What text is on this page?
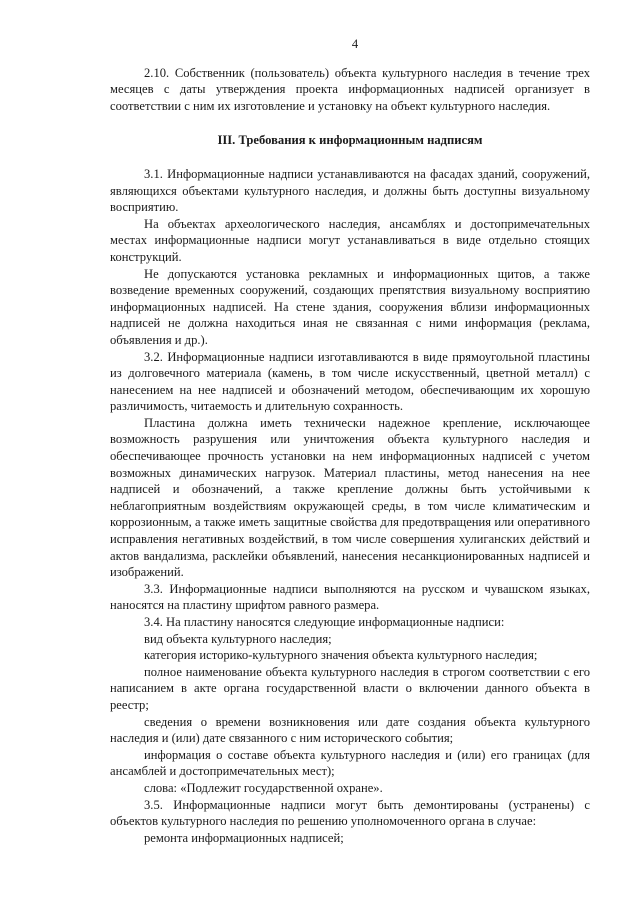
4

2.10. Собственник (пользователь) объекта культурного наследия в течение трех месяцев с даты утверждения проекта информационных надписей организует в соответствии с ним их изготовление и установку на объект культурного наследия.

III. Требования к информационным надписям

3.1. Информационные надписи устанавливаются на фасадах зданий, сооружений, являющихся объектами культурного наследия, и должны быть доступны визуальному восприятию.

На объектах археологического наследия, ансамблях и достопримечательных местах информационные надписи могут устанавливаться в виде отдельно стоящих конструкций.

Не допускаются установка рекламных и информационных щитов, а также возведение временных сооружений, создающих препятствия визуальному восприятию информационных надписей. На стене здания, сооружения вблизи информационных надписей не должна находиться иная не связанная с ними информация (реклама, объявления и др.).

3.2. Информационные надписи изготавливаются в виде прямоугольной пластины из долговечного материала (камень, в том числе искусственный, цветной металл) с нанесением на нее надписей и обозначений методом, обеспечивающим их хорошую различимость, читаемость и длительную сохранность.

Пластина должна иметь технически надежное крепление, исключающее возможность разрушения или уничтожения объекта культурного наследия и обеспечивающее прочность установки на нем информационных надписей с учетом возможных динамических нагрузок. Материал пластины, метод нанесения на нее надписей и обозначений, а также крепление должны быть устойчивыми к неблагоприятным воздействиям окружающей среды, в том числе климатическим и коррозионным, а также иметь защитные свойства для предотвращения или оперативного исправления негативных воздействий, в том числе совершения хулиганских действий и актов вандализма, расклейки объявлений, нанесения несанкционированных надписей и изображений.

3.3. Информационные надписи выполняются на русском и чувашском языках, наносятся на пластину шрифтом равного размера.

3.4. На пластину наносятся следующие информационные надписи:

вид объекта культурного наследия;

категория историко-культурного значения объекта культурного наследия;

полное наименование объекта культурного наследия в строгом соответствии с его написанием в акте органа государственной власти о включении данного объекта в реестр;

сведения о времени возникновения или дате создания объекта культурного наследия и (или) дате связанного с ним исторического события;

информация о составе объекта культурного наследия и (или) его границах (для ансамблей и достопримечательных мест);

слова: «Подлежит государственной охране».

3.5. Информационные надписи могут быть демонтированы (устранены) с объектов культурного наследия по решению уполномоченного органа в случае:

ремонта информационных надписей;
